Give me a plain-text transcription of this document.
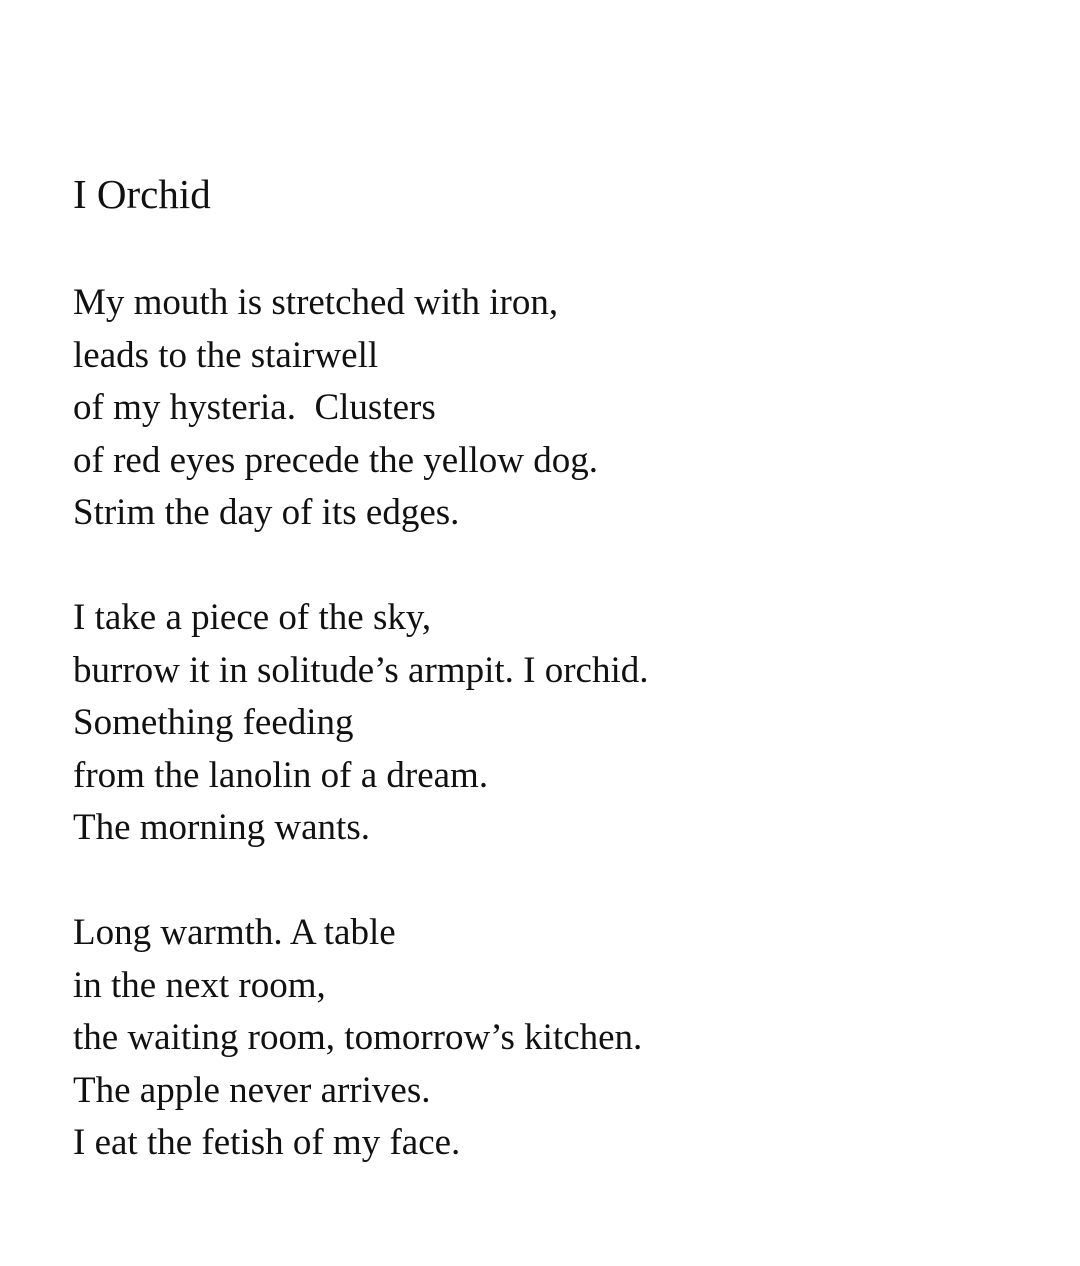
I Orchid
My mouth is stretched with iron,
leads to the stairwell
of my hysteria.  Clusters
of red eyes precede the yellow dog.
Strim the day of its edges.
I take a piece of the sky,
burrow it in solitude’s armpit. I orchid.
Something feeding
from the lanolin of a dream.
The morning wants.
Long warmth. A table
in the next room,
the waiting room, tomorrow’s kitchen.
The apple never arrives.
I eat the fetish of my face.
